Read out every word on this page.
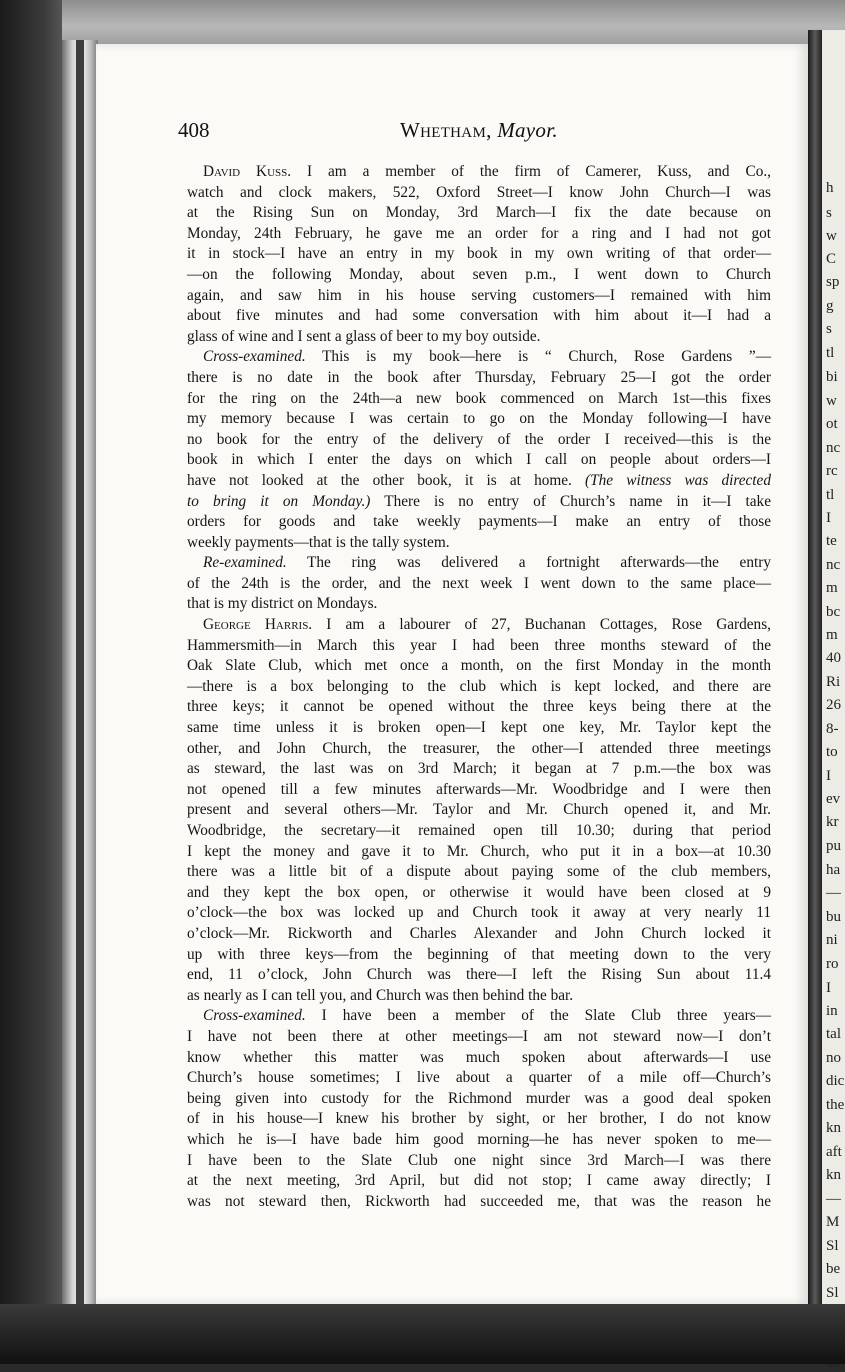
408	Whetham, Mayor.
David Kuss. I am a member of the firm of Camerer, Kuss, and Co.,
watch and clock makers, 522, Oxford Street—I know John Church—I was
at the Rising Sun on Monday, 3rd March—I fix the date because on
Monday, 24th February, he gave me an order for a ring and I had not got
it in stock—I have an entry in my book in my own writing of that order—
—on the following Monday, about seven p.m., I went down to Church
again, and saw him in his house serving customers—I remained with him
about five minutes and had some conversation with him about it—I had a
glass of wine and I sent a glass of beer to my boy outside.
Cross-examined. This is my book—here is “ Church, Rose Gardens ”—
there is no date in the book after Thursday, February 25—I got the order
for the ring on the 24th—a new book commenced on March 1st—this fixes
my memory because I was certain to go on the Monday following—I have
no book for the entry of the delivery of the order I received—this is the
book in which I enter the days on which I call on people about orders—I
have not looked at the other book, it is at home. (The witness was directed
to bring it on Monday.) There is no entry of Church’s name in it—I take
orders for goods and take weekly payments—I make an entry of those
weekly payments—that is the tally system.
Re-examined. The ring was delivered a fortnight afterwards—the entry
of the 24th is the order, and the next week I went down to the same place—
that is my district on Mondays.
George Harris. I am a labourer of 27, Buchanan Cottages, Rose Gardens,
Hammersmith—in March this year I had been three months steward of the
Oak Slate Club, which met once a month, on the first Monday in the month
—there is a box belonging to the club which is kept locked, and there are
three keys; it cannot be opened without the three keys being there at the
same time unless it is broken open—I kept one key, Mr. Taylor kept the
other, and John Church, the treasurer, the other—I attended three meetings
as steward, the last was on 3rd March; it began at 7 p.m.—the box was
not opened till a few minutes afterwards—Mr. Woodbridge and I were then
present and several others—Mr. Taylor and Mr. Church opened it, and Mr.
Woodbridge, the secretary—it remained open till 10.30; during that period
I kept the money and gave it to Mr. Church, who put it in a box—at 10.30
there was a little bit of a dispute about paying some of the club members,
and they kept the box open, or otherwise it would have been closed at 9
o’clock—the box was locked up and Church took it away at very nearly 11
o’clock—Mr. Rickworth and Charles Alexander and John Church locked it
up with three keys—from the beginning of that meeting down to the very
end, 11 o’clock, John Church was there—I left the Rising Sun about 11.4
as nearly as I can tell you, and Church was then behind the bar.
Cross-examined. I have been a member of the Slate Club three years—
I have not been there at other meetings—I am not steward now—I don’t
know whether this matter was much spoken about afterwards—I use
Church’s house sometimes; I live about a quarter of a mile off—Church’s
being given into custody for the Richmond murder was a good deal spoken
of in his house—I knew his brother by sight, or her brother, I do not know
which he is—I have bade him good morning—he has never spoken to me—
I have been to the Slate Club one night since 3rd March—I was there
at the next meeting, 3rd April, but did not stop; I came away directly; I
was not steward then, Rickworth had succeeded me, that was the reason he
h
s
w
C
sp
g
s
tl
bi
w
ot
nc
rc
tl
I
te
nc
m
bc
m
40
Ri
26
8-
to
I
ev
kr
pu
ha
—
bu
ni
ro
I
in
tal
no
dic
the
kn
aft
kn
—
M
Sl
be
Sl
